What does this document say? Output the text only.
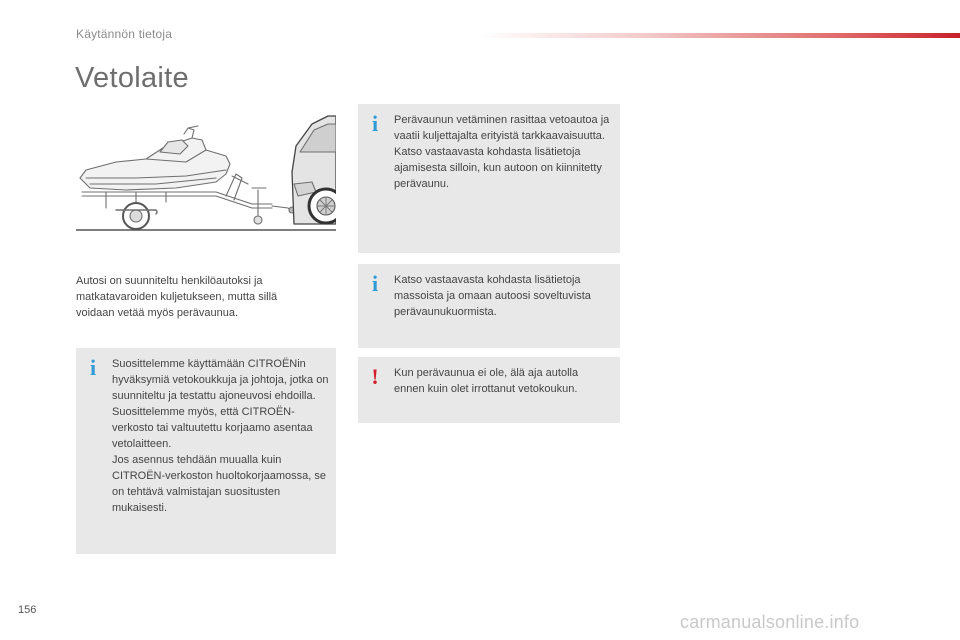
Käytännön tietoja
Vetolaite

Autosi on suunniteltu henkilöautoksi ja matkatavaroiden kuljetukseen, mutta sillä voidaan vetää myös perävaunua.

i Suosittelemme käyttämään CITROËNin hyväksymiä vetokoukkuja ja johtoja, jotka on suunniteltu ja testattu ajoneuvosi ehdoilla. Suosittelemme myös, että CITROËN-verkosto tai valtuutettu korjaamo asentaa vetolaitteen.

Jos asennus tehdään muualla kuin CITROËN-verkoston huoltokorjaamossa, se on tehtävä valmistajan suositusten mukaisesti.

i Perävaunun vetäminen rasittaa vetoautoa ja vaatii kuljettajalta erityistä tarkkaavaisuutta.

Katso vastaavasta kohdasta lisätietoja ajamisesta silloin, kun autoon on kiinnitetty perävaunu.

i Katso vastaavasta kohdasta lisätietoja massoista ja omaan autoosi soveltuvista perävaunukuormista.

! Kun perävaunua ei ole, älä aja autolla ennen kuin olet irrottanut vetokoukun.

156
carmanualsonline.info
